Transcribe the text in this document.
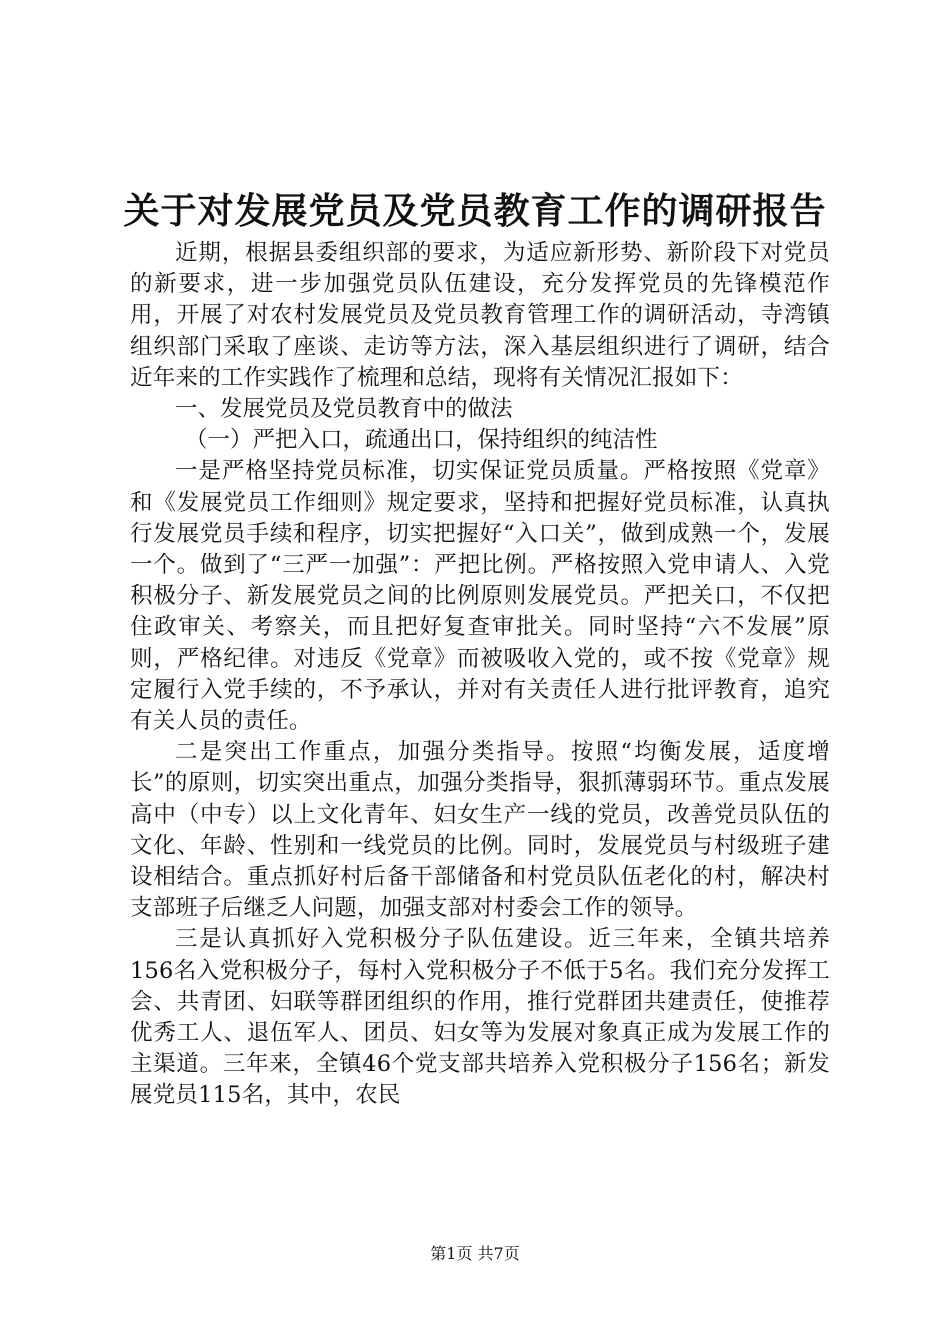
关于对发展党员及党员教育工作的调研报告

近期，根据县委组织部的要求，为适应新形势、新阶段下对党员的新要求，进一步加强党员队伍建设，充分发挥党员的先锋模范作用，开展了对农村发展党员及党员教育管理工作的调研活动，寺湾镇组织部门采取了座谈、走访等方法，深入基层组织进行了调研，结合近年来的工作实践作了梳理和总结，现将有关情况汇报如下：

一、发展党员及党员教育中的做法

（一）严把入口，疏通出口，保持组织的纯洁性

一是严格坚持党员标准，切实保证党员质量。严格按照《党章》和《发展党员工作细则》规定要求，坚持和把握好党员标准，认真执行发展党员手续和程序，切实把握好“入口关”，做到成熟一个，发展一个。做到了“三严一加强”：严把比例。严格按照入党申请人、入党积极分子、新发展党员之间的比例原则发展党员。严把关口，不仅把住政审关、考察关，而且把好复查审批关。同时坚持“六不发展”原则，严格纪律。对违反《党章》而被吸收入党的，或不按《党章》规定履行入党手续的，不予承认，并对有关责任人进行批评教育，追究有关人员的责任。

二是突出工作重点，加强分类指导。按照“均衡发展，适度增长”的原则，切实突出重点，加强分类指导，狠抓薄弱环节。重点发展高中（中专）以上文化青年、妇女生产一线的党员，改善党员队伍的文化、年龄、性别和一线党员的比例。同时，发展党员与村级班子建设相结合。重点抓好村后备干部储备和村党员队伍老化的村，解决村支部班子后继乏人问题，加强支部对村委会工作的领导。

三是认真抓好入党积极分子队伍建设。近三年来，全镇共培养156名入党积极分子，每村入党积极分子不低于5名。我们充分发挥工会、共青团、妇联等群团组织的作用，推行党群团共建责任，使推荐优秀工人、退伍军人、团员、妇女等为发展对象真正成为发展工作的主渠道。三年来，全镇46个党支部共培养入党积极分子156名；新发展党员115名，其中，农民

第1页 共7页
